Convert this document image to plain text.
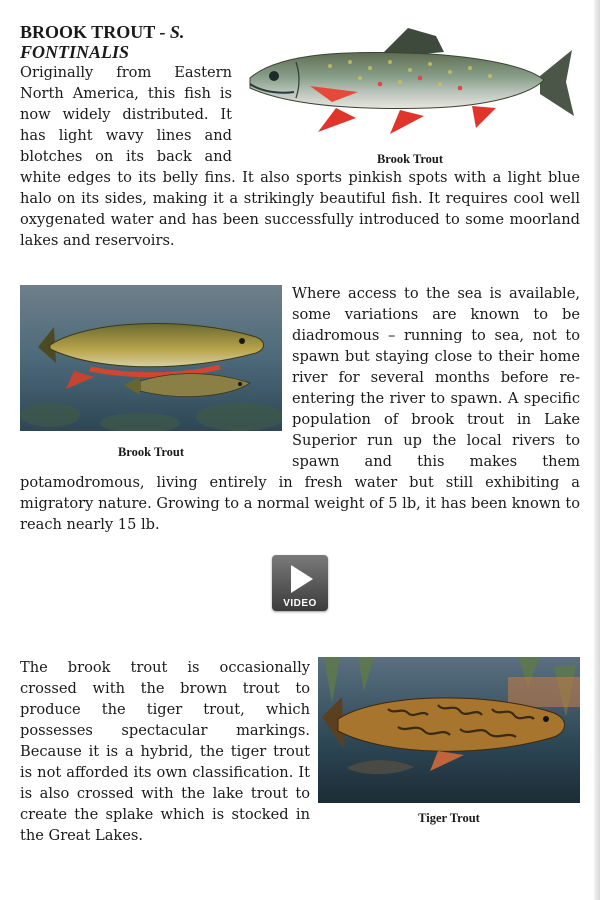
Brook Trout
BROOK TROUT - S. FONTINALIS

Originally from Eastern North America, this fish is now widely distributed. It has light wavy lines and blotches on its back and white edges to its belly fins. It also sports pinkish spots with a light blue halo on its sides, making it a strikingly beautiful fish. It requires cool well oxygenated water and has been successfully introduced to some moorland lakes and reservoirs.

Brook Trout

Where access to the sea is available, some variations are known to be diadromous – running to sea, not to spawn but staying close to their home river for several months before re-entering the river to spawn. A specific population of brook trout in Lake Superior run up the local rivers to spawn and this makes them potamodromous, living entirely in fresh water but still exhibiting a migratory nature. Growing to a normal weight of 5 lb, it has been known to reach nearly 15 lb.

VIDEO
Tiger Trout

The brook trout is occasionally crossed with the brown trout to produce the tiger trout, which possesses spectacular markings. Because it is a hybrid, the tiger trout is not afforded its own classification. It is also crossed with the lake trout to create the splake which is stocked in the Great Lakes.
